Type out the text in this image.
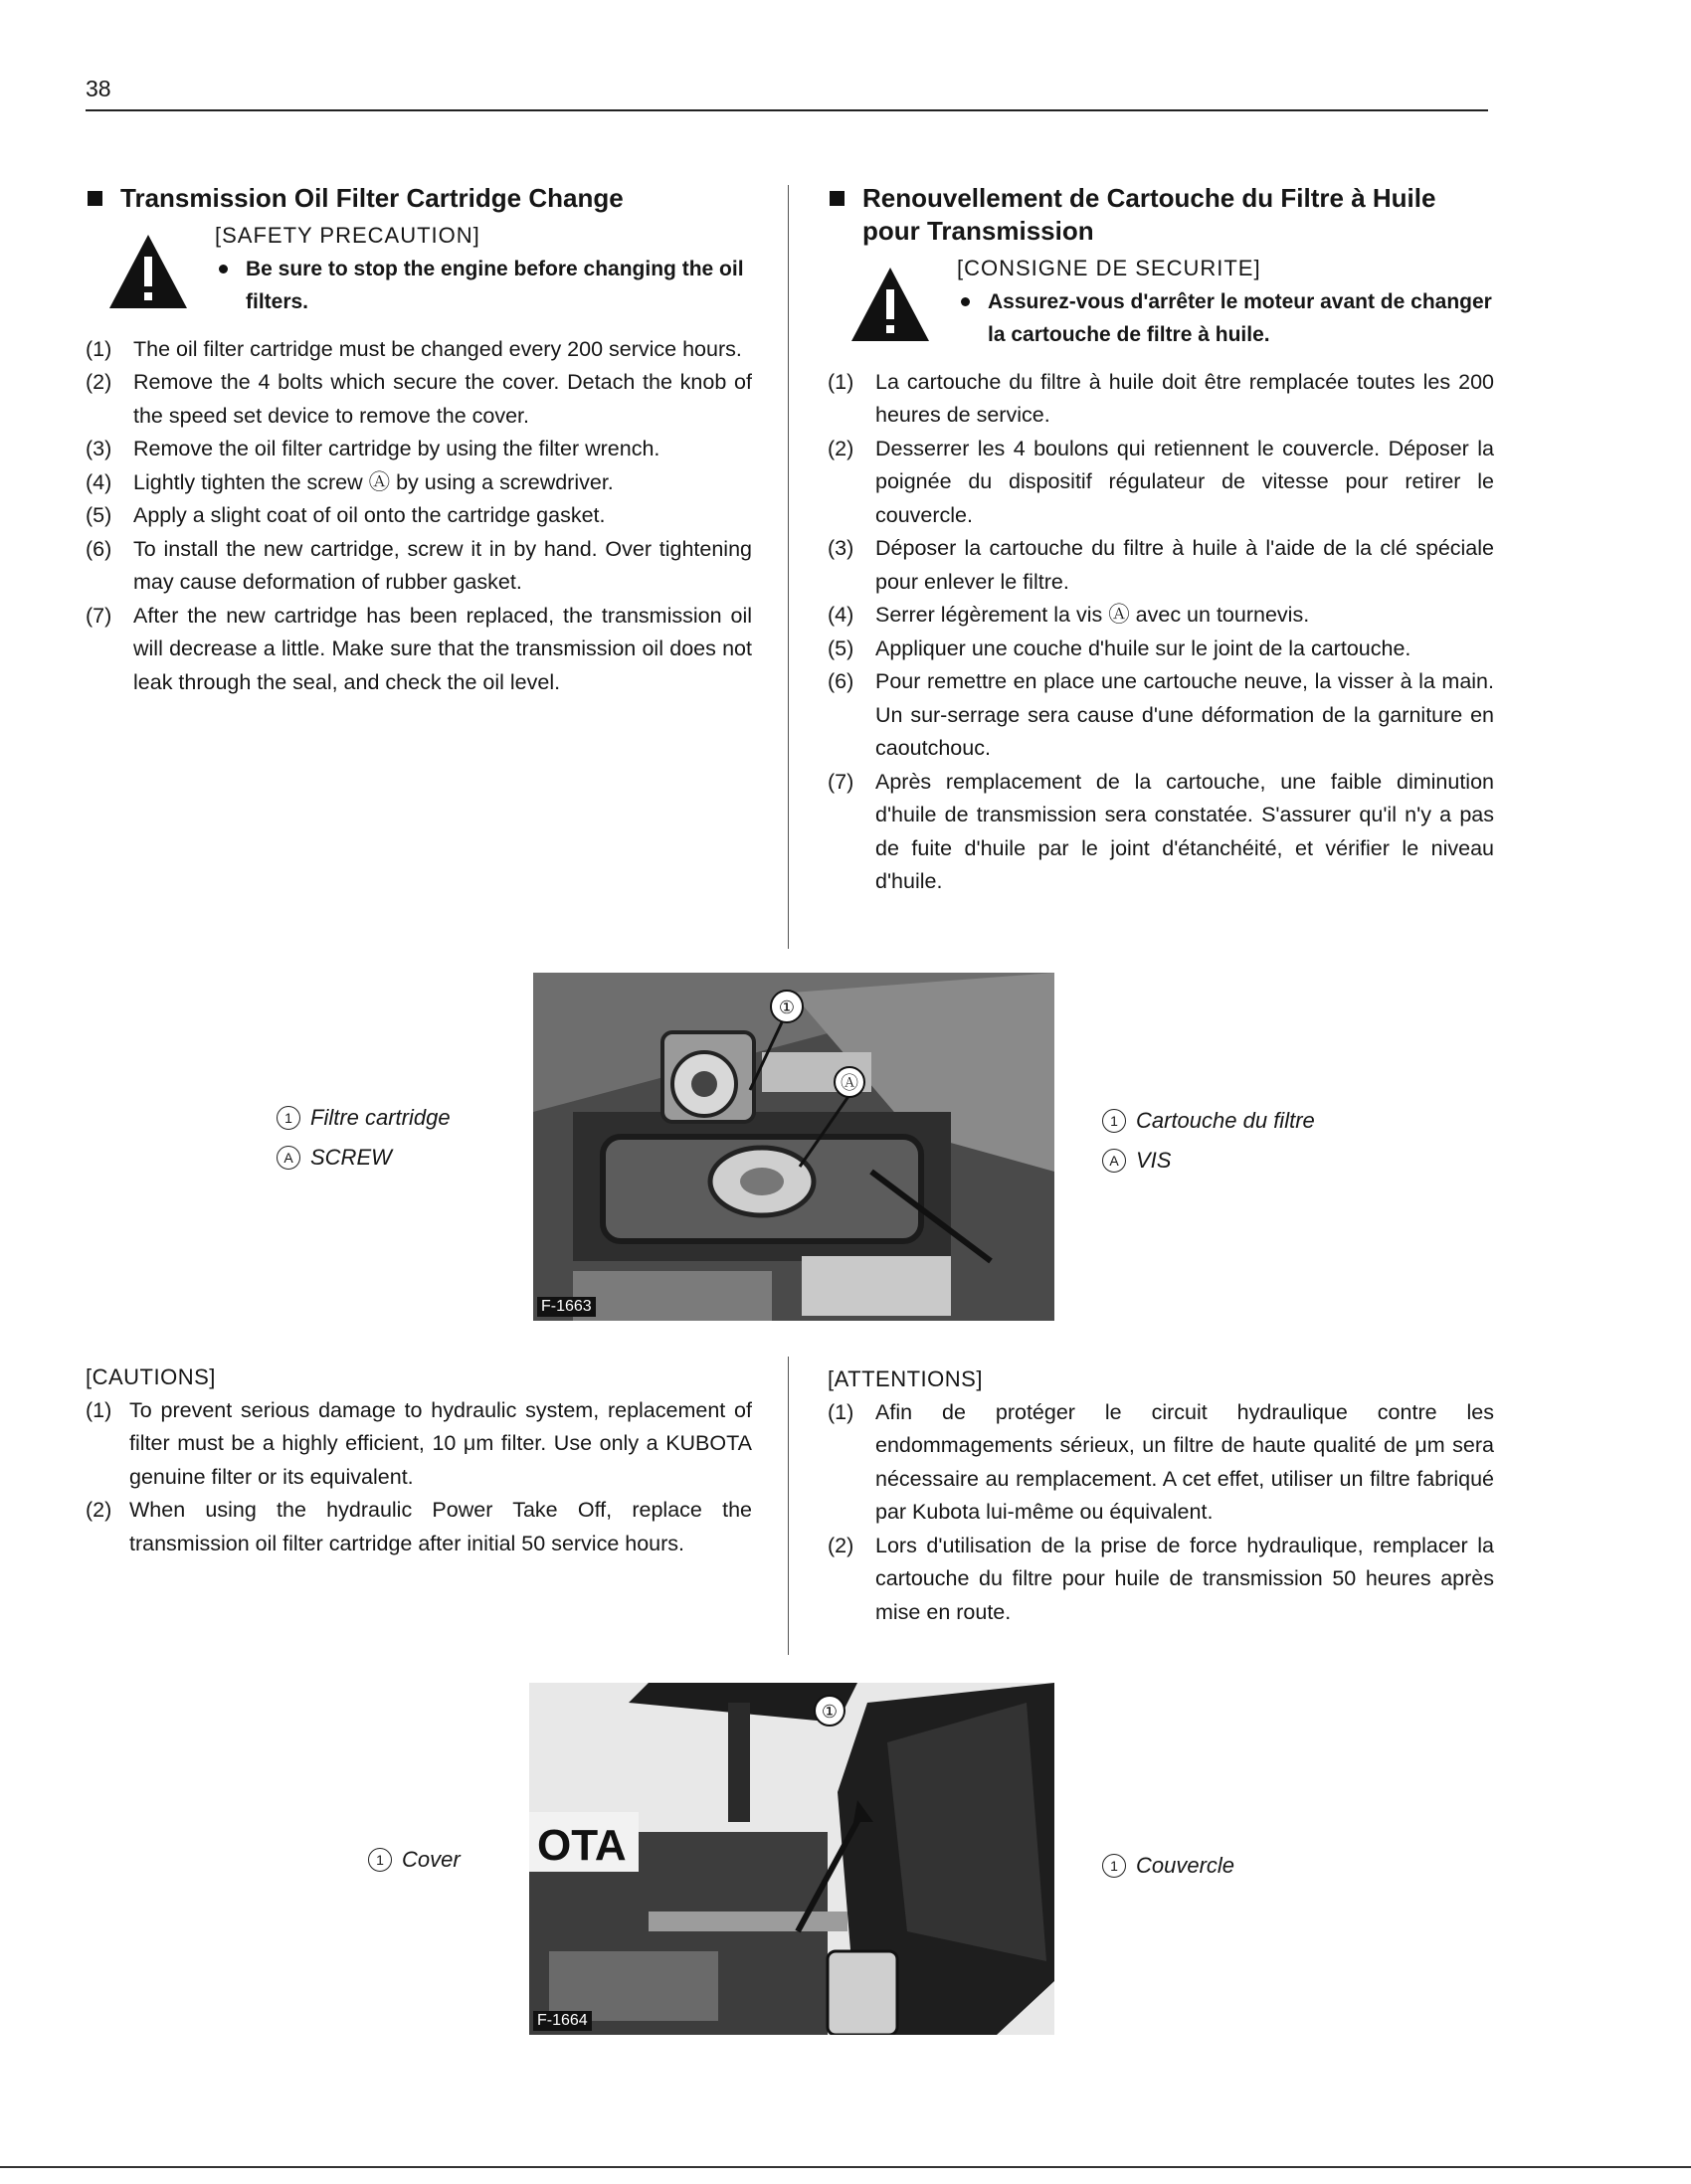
38
Transmission Oil Filter Cartridge Change
[SAFETY PRECAUTION]
Be sure to stop the engine before changing the oil filters.
(1)	The oil filter cartridge must be changed every 200 service hours.
(2)	Remove the 4 bolts which secure the cover. Detach the knob of the speed set device to remove the cover.
(3)	Remove the oil filter cartridge by using the filter wrench.
(4)	Lightly tighten the screw Ⓐ by using a screwdriver.
(5)	Apply a slight coat of oil onto the cartridge gasket.
(6)	To install the new cartridge, screw it in by hand. Over tightening may cause deformation of rubber gasket.
(7)	After the new cartridge has been replaced, the transmission oil will decrease a little. Make sure that the transmission oil does not leak through the seal, and check the oil level.
Renouvellement de Cartouche du Filtre à Huile pour Transmission
[CONSIGNE DE SECURITE]
Assurez-vous d'arrêter le moteur avant de changer la cartouche de filtre à huile.
(1)	La cartouche du filtre à huile doit être remplacée toutes les 200 heures de service.
(2)	Desserrer les 4 boulons qui retiennent le couvercle. Déposer la poignée du dispositif régulateur de vitesse pour retirer le couvercle.
(3)	Déposer la cartouche du filtre à huile à l'aide de la clé spéciale pour enlever le filtre.
(4)	Serrer légèrement la vis Ⓐ avec un tournevis.
(5)	Appliquer une couche d'huile sur le joint de la cartouche.
(6)	Pour remettre en place une cartouche neuve, la visser à la main. Un sur-serrage sera cause d'une déformation de la garniture en caoutchouc.
(7)	Après remplacement de la cartouche, une faible diminution d'huile de transmission sera constatée. S'assurer qu'il n'y a pas de fuite d'huile par le joint d'étanchéité, et vérifier le niveau d'huile.
①
Ⓐ
F-1663
1 Filtre cartridge
A SCREW
1 Cartouche du filtre
A VIS
[CAUTIONS]
(1) To prevent serious damage to hydraulic system, replacement of filter must be a highly efficient, 10 μm filter. Use only a KUBOTA genuine filter or its equivalent.
(2) When using the hydraulic Power Take Off, replace the transmission oil filter cartridge after initial 50 service hours.
[ATTENTIONS]
(1)	Afin de protéger le circuit hydraulique contre les endommagements sérieux, un filtre de haute qualité de μm sera nécessaire au remplacement. A cet effet, utiliser un filtre fabriqué par Kubota lui-même ou équivalent.
(2)	Lors d'utilisation de la prise de force hydraulique, remplacer la cartouche du filtre pour huile de transmission 50 heures après mise en route.
OTA
①
F-1664
1 Cover	1 Couvercle
